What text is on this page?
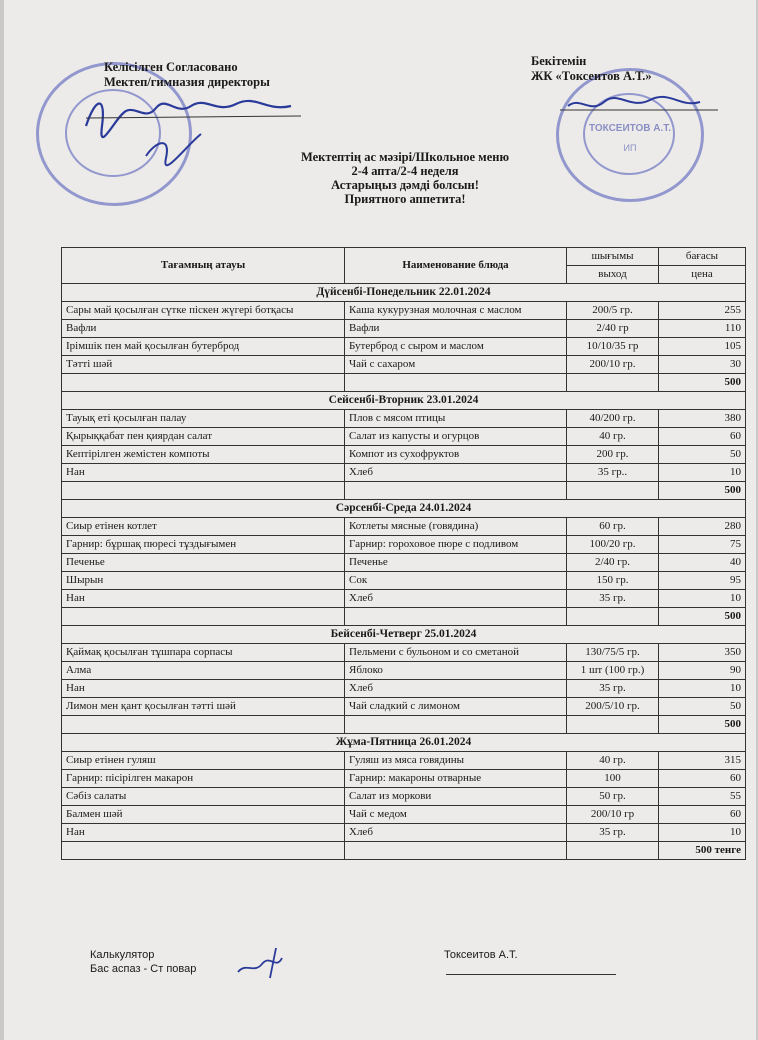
ТОКСЕИТОВ А.Т.
ИП
Келісілген Согласовано
Мектеп/гимназия директоры
Бекітемін
ЖК «Токсеитов А.Т.»
Мектептің ас мәзірі/Школьное меню
2-4 апта/2-4 неделя
Астарыңыз дәмді болсын!
Приятного аппетита!
Тағамның атауы	Наименование блюда	шығымы	бағасы
		выход	цена
Дүйсенбі-Понедельник 22.01.2024			
Сары май қосылған сүтке піскен жүгері ботқасы	Каша кукурузная молочная с маслом	200/5 гр.	255
Вафли	Вафли	2/40 гр	110
Ірімшік пен май қосылған бутерброд	Бутерброд с сыром и маслом	10/10/35 гр	105
Тәтті шәй	Чай с сахаром	200/10 гр.	30
			500
Сейсенбі-Вторник 23.01.2024			
Тауық еті қосылған палау	Плов с мясом птицы	40/200 гр.	380
Қырыққабат пен қиярдан салат	Салат из капусты и огурцов	40 гр.	60
Кептірілген жемістен компоты	Компот из сухофруктов	200 гр.	50
Нан	Хлеб	35 гр..	10
			500
Сәрсенбі-Среда 24.01.2024			
Сиыр етінен котлет	Котлеты мясные (говядина)	60 гр.	280
Гарнир: бұршақ пюресі тұздығымен	Гарнир: гороховое пюре с подливом	100/20 гр.	75
Печенье	Печенье	2/40 гр.	40
Шырын	Сок	150 гр.	95
Нан	Хлеб	35 гр.	10
			500
Бейсенбі-Четверг 25.01.2024			
Қаймақ қосылған тұшпара сорпасы	Пельмени с бульоном и со сметаной	130/75/5 гр.	350
Алма	Яблоко	1 шт (100 гр.)	90
Нан	Хлеб	35 гр.	10
Лимон мен қант қосылған тәтті шәй	Чай сладкий с лимоном	200/5/10 гр.	50
			500
Жұма-Пятница 26.01.2024			
Сиыр етінен гуляш	Гуляш из мяса говядины	40 гр.	315
Гарнир: пісірілген макарон	Гарнир: макароны отварные	100	60
Сәбіз салаты	Салат из моркови	50 гр.	55
Балмен шәй	Чай с медом	200/10 гр	60
Нан	Хлеб	35 гр.	10
			500 тенге
Калькулятор
Бас аспаз - Ст повар
Токсеитов А.Т.
